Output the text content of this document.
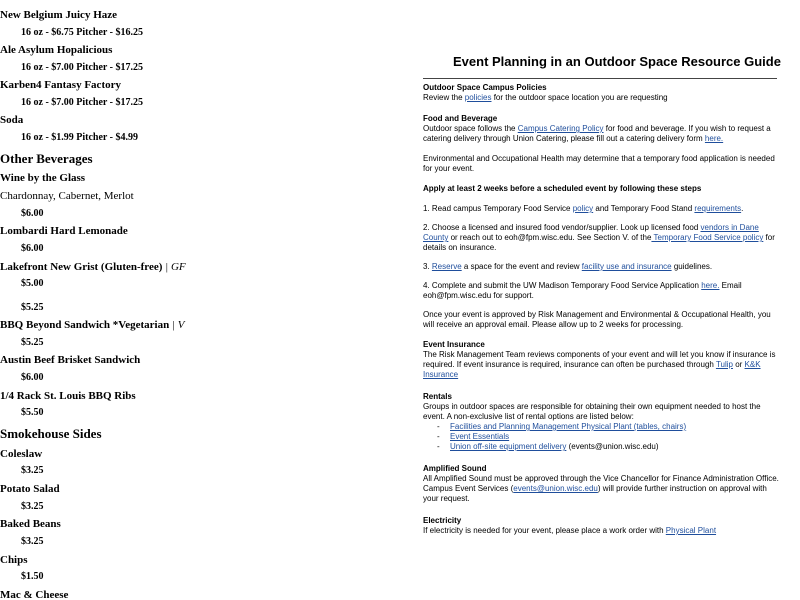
New Belgium Juicy Haze
16 oz - $6.75 Pitcher - $16.25
Ale Asylum Hopalicious
16 oz - $7.00 Pitcher - $17.25
Karben4 Fantasy Factory
16 oz - $7.00 Pitcher - $17.25
Soda
16 oz - $1.99 Pitcher - $4.99
Other Beverages
Wine by the Glass
Chardonnay, Cabernet, Merlot
$6.00
Lombardi Hard Lemonade
$6.00
Lakefront New Grist (Gluten-free) | GF
$5.00
$5.25
BBQ Beyond Sandwich *Vegetarian | V
$5.25
Austin Beef Brisket Sandwich
$6.00
1/4 Rack St. Louis BBQ Ribs
$5.50
Smokehouse Sides
Coleslaw
$3.25
Potato Salad
$3.25
Baked Beans
$3.25
Chips
$1.50
Mac & Cheese
Event Planning in an Outdoor Space Resource Guide
Outdoor Space Campus Policies
Review the policies for the outdoor space location you are requesting
Food and Beverage
Outdoor space follows the Campus Catering Policy for food and beverage. If you wish to request a catering delivery through Union Catering, please fill out a catering delivery form here.
Environmental and Occupational Health may determine that a temporary food application is needed for your event.
Apply at least 2 weeks before a scheduled event by following these steps
1. Read campus Temporary Food Service policy and Temporary Food Stand requirements.
2. Choose a licensed and insured food vendor/supplier. Look up licensed food vendors in Dane County or reach out to eoh@fpm.wisc.edu. See Section V. of the Temporary Food Service policy for details on insurance.
3. Reserve a space for the event and review facility use and insurance guidelines.
4. Complete and submit the UW Madison Temporary Food Service Application here. Email eoh@fpm.wisc.edu for support.
Once your event is approved by Risk Management and Environmental & Occupational Health, you will receive an approval email. Please allow up to 2 weeks for processing.
Event Insurance
The Risk Management Team reviews components of your event and will let you know if insurance is required. If event insurance is required, insurance can often be purchased through Tulip or K&K Insurance
Rentals
Groups in outdoor spaces are responsible for obtaining their own equipment needed to host the event. A non-exclusive list of rental options are listed below:
- Facilities and Planning Management Physical Plant (tables, chairs)
- Event Essentials
- Union off-site equipment delivery (events@union.wisc.edu)
Amplified Sound
All Amplified Sound must be approved through the Vice Chancellor for Finance Administration Office. Campus Event Services (events@union.wisc.edu) will provide further instruction on approval with your request.
Electricity
If electricity is needed for your event, please place a work order with Physical Plant
